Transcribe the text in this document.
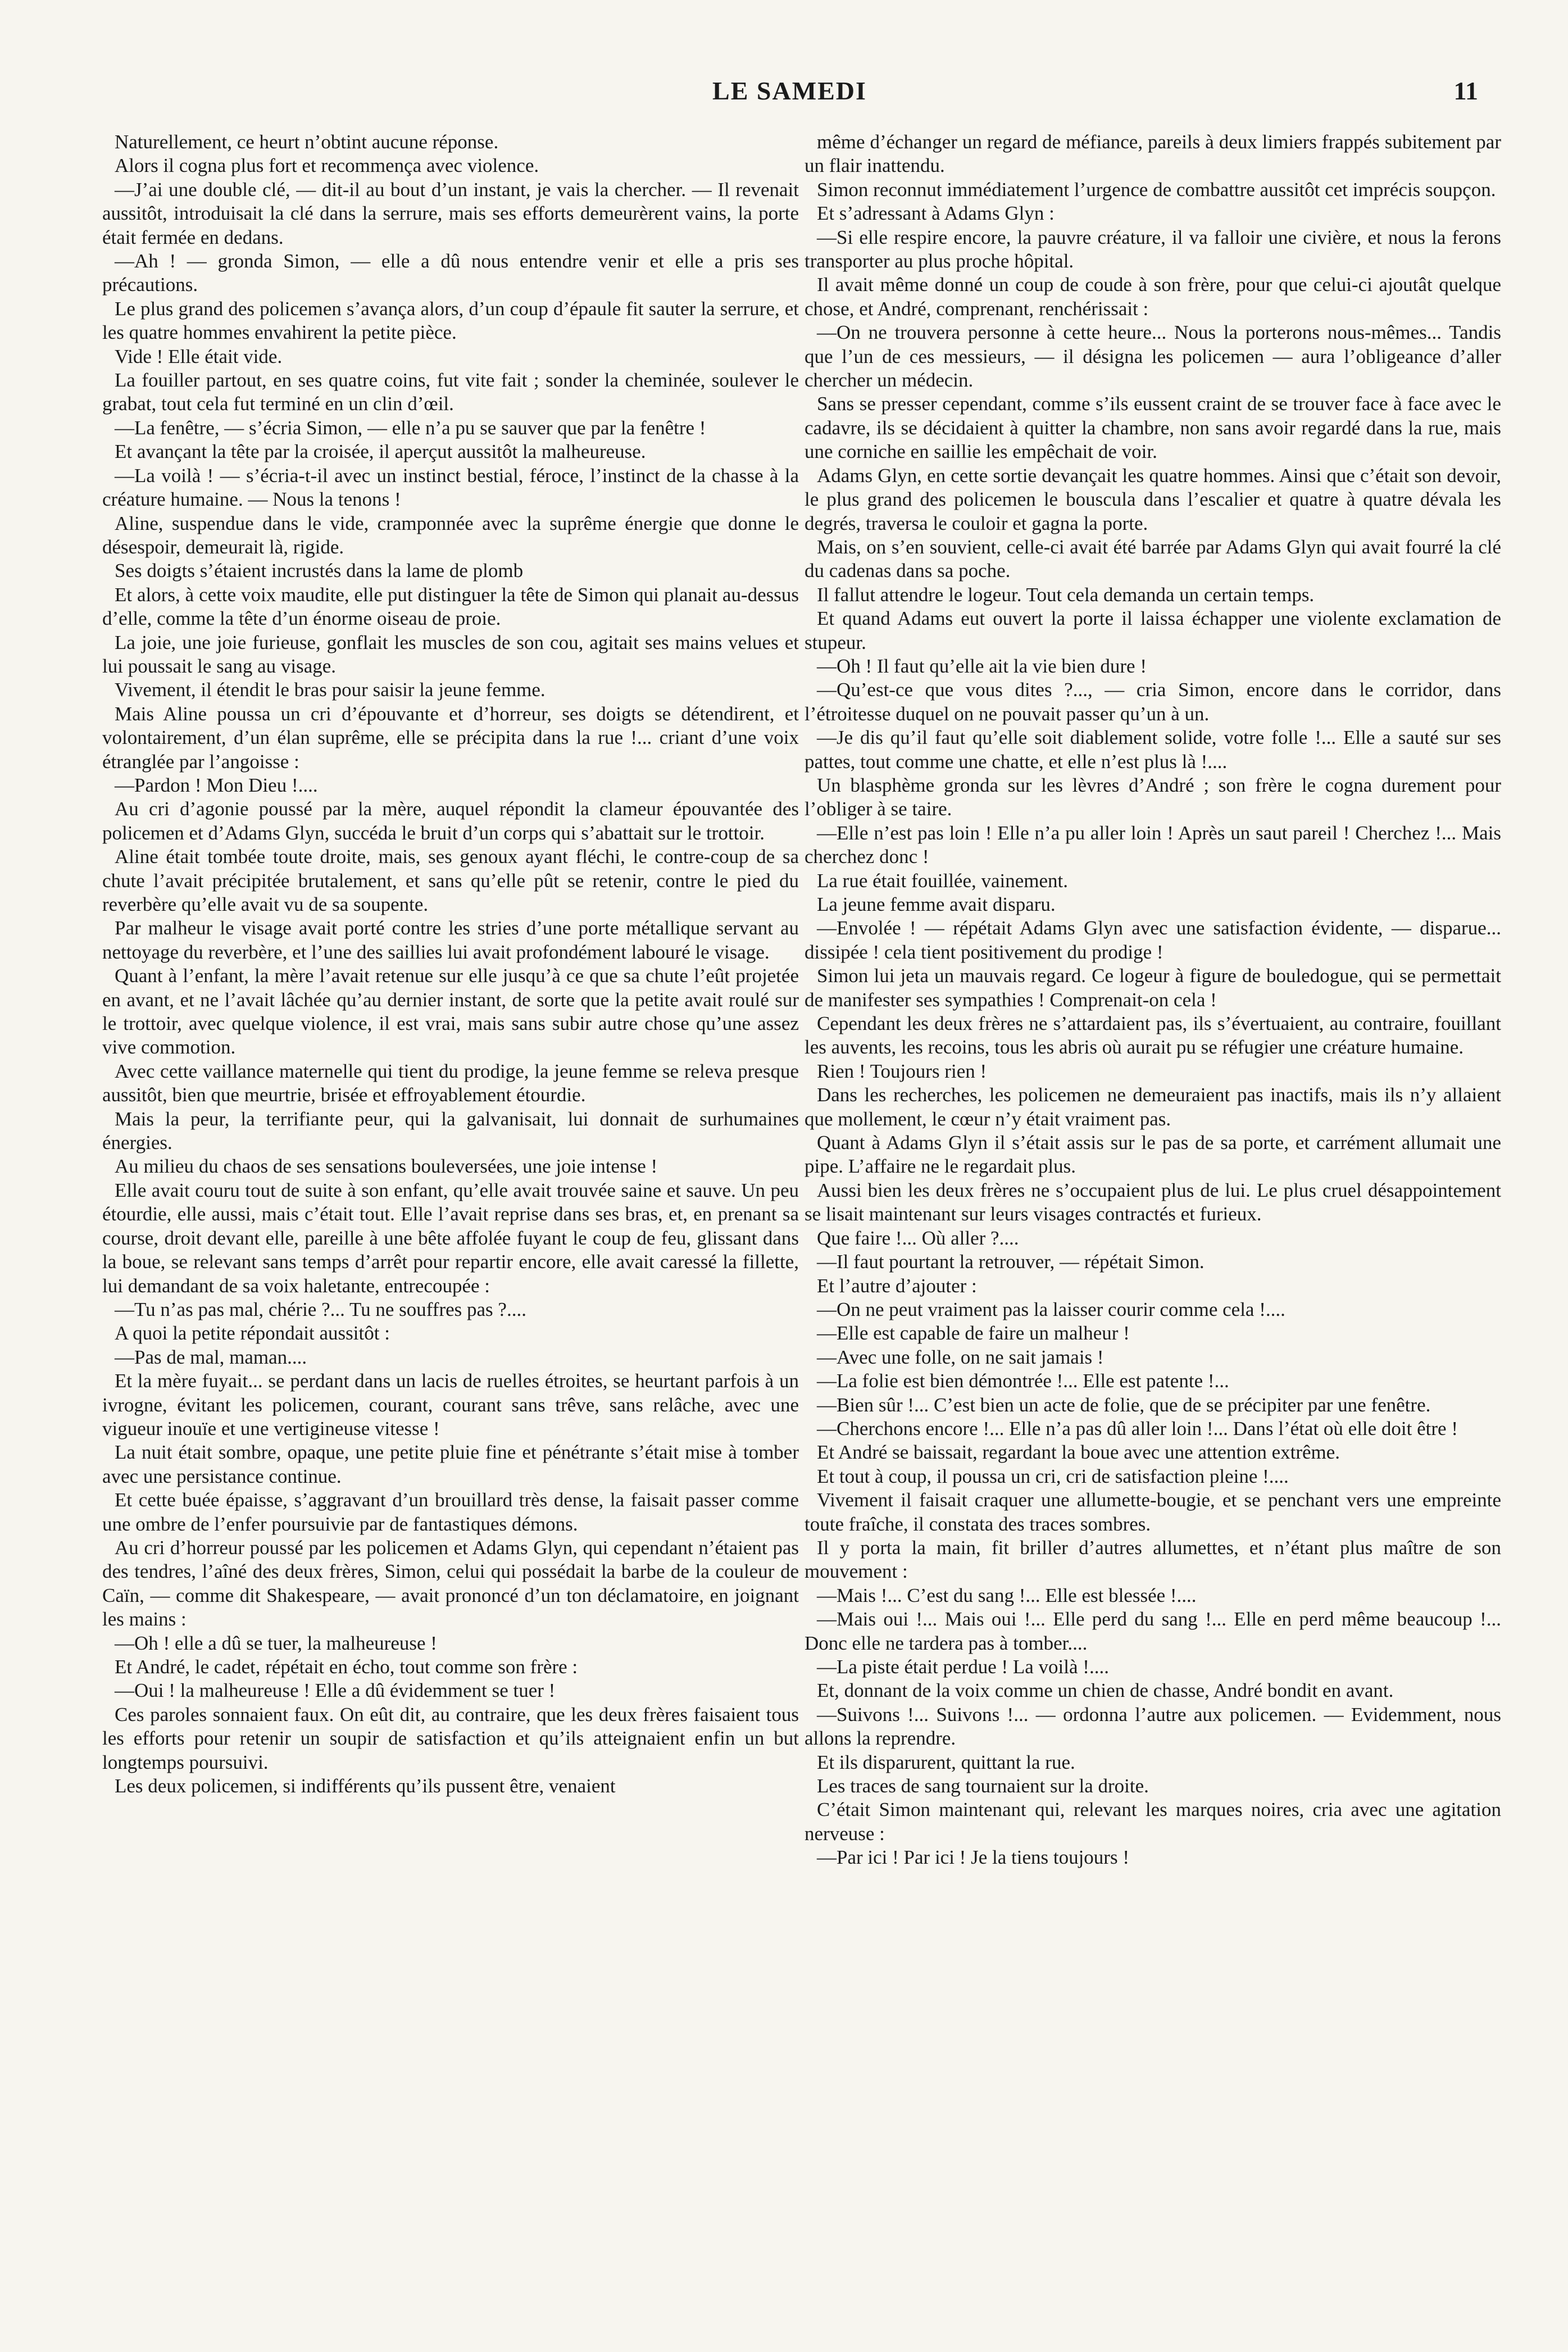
LE SAMEDI	11

Naturellement, ce heurt n’obtint aucune réponse.

Alors il cogna plus fort et recommença avec violence.

—J’ai une double clé, — dit-il au bout d’un instant, je vais la chercher. — Il revenait aussitôt, introduisait la clé dans la serrure, mais ses efforts demeurèrent vains, la porte était fermée en dedans.

—Ah ! — gronda Simon, — elle a dû nous entendre venir et elle a pris ses précautions.

Le plus grand des policemen s’avança alors, d’un coup d’épaule fit sauter la serrure, et les quatre hommes envahirent la petite pièce.

Vide ! Elle était vide.

La fouiller partout, en ses quatre coins, fut vite fait ; sonder la cheminée, soulever le grabat, tout cela fut terminé en un clin d’œil.

—La fenêtre, — s’écria Simon, — elle n’a pu se sauver que par la fenêtre !

Et avançant la tête par la croisée, il aperçut aussitôt la malheureuse.

—La voilà ! — s’écria-t-il avec un instinct bestial, féroce, l’instinct de la chasse à la créature humaine. — Nous la tenons !

Aline, suspendue dans le vide, cramponnée avec la suprême énergie que donne le désespoir, demeurait là, rigide.

Ses doigts s’étaient incrustés dans la lame de plomb

Et alors, à cette voix maudite, elle put distinguer la tête de Simon qui planait au-dessus d’elle, comme la tête d’un énorme oiseau de proie.

La joie, une joie furieuse, gonflait les muscles de son cou, agitait ses mains velues et lui poussait le sang au visage.

Vivement, il étendit le bras pour saisir la jeune femme.

Mais Aline poussa un cri d’épouvante et d’horreur, ses doigts se détendirent, et volontairement, d’un élan suprême, elle se précipita dans la rue !... criant d’une voix étranglée par l’angoisse :

—Pardon ! Mon Dieu !....

Au cri d’agonie poussé par la mère, auquel répondit la clameur épouvantée des policemen et d’Adams Glyn, succéda le bruit d’un corps qui s’abattait sur le trottoir.

Aline était tombée toute droite, mais, ses genoux ayant fléchi, le contre-coup de sa chute l’avait précipitée brutalement, et sans qu’elle pût se retenir, contre le pied du reverbère qu’elle avait vu de sa soupente.

Par malheur le visage avait porté contre les stries d’une porte métallique servant au nettoyage du reverbère, et l’une des saillies lui avait profondément labouré le visage.

Quant à l’enfant, la mère l’avait retenue sur elle jusqu’à ce que sa chute l’eût projetée en avant, et ne l’avait lâchée qu’au dernier instant, de sorte que la petite avait roulé sur le trottoir, avec quelque violence, il est vrai, mais sans subir autre chose qu’une assez vive commotion.

Avec cette vaillance maternelle qui tient du prodige, la jeune femme se releva presque aussitôt, bien que meurtrie, brisée et effroyablement étourdie.

Mais la peur, la terrifiante peur, qui la galvanisait, lui donnait de surhumaines énergies.

Au milieu du chaos de ses sensations bouleversées, une joie intense !

Elle avait couru tout de suite à son enfant, qu’elle avait trouvée saine et sauve. Un peu étourdie, elle aussi, mais c’était tout. Elle l’avait reprise dans ses bras, et, en prenant sa course, droit devant elle, pareille à une bête affolée fuyant le coup de feu, glissant dans la boue, se relevant sans temps d’arrêt pour repartir encore, elle avait caressé la fillette, lui demandant de sa voix haletante, entrecoupée :

—Tu n’as pas mal, chérie ?... Tu ne souffres pas ?....

A quoi la petite répondait aussitôt :

—Pas de mal, maman....

Et la mère fuyait... se perdant dans un lacis de ruelles étroites, se heurtant parfois à un ivrogne, évitant les policemen, courant, courant sans trêve, sans relâche, avec une vigueur inouïe et une vertigineuse vitesse !

La nuit était sombre, opaque, une petite pluie fine et pénétrante s’était mise à tomber avec une persistance continue.

Et cette buée épaisse, s’aggravant d’un brouillard très dense, la faisait passer comme une ombre de l’enfer poursuivie par de fantastiques démons.

Au cri d’horreur poussé par les policemen et Adams Glyn, qui cependant n’étaient pas des tendres, l’aîné des deux frères, Simon, celui qui possédait la barbe de la couleur de Caïn, — comme dit Shakespeare, — avait prononcé d’un ton déclamatoire, en joignant les mains :

—Oh ! elle a dû se tuer, la malheureuse !

Et André, le cadet, répétait en écho, tout comme son frère :

—Oui ! la malheureuse ! Elle a dû évidemment se tuer !

Ces paroles sonnaient faux. On eût dit, au contraire, que les deux frères faisaient tous les efforts pour retenir un soupir de satisfaction et qu’ils atteignaient enfin un but longtemps poursuivi.

Les deux policemen, si indifférents qu’ils pussent être, venaient

même d’échanger un regard de méfiance, pareils à deux limiers frappés subitement par un flair inattendu.

Simon reconnut immédiatement l’urgence de combattre aussitôt cet imprécis soupçon.

Et s’adressant à Adams Glyn :

—Si elle respire encore, la pauvre créature, il va falloir une civière, et nous la ferons transporter au plus proche hôpital.

Il avait même donné un coup de coude à son frère, pour que celui-ci ajoutât quelque chose, et André, comprenant, renchérissait :

—On ne trouvera personne à cette heure... Nous la porterons nous-mêmes... Tandis que l’un de ces messieurs, — il désigna les policemen — aura l’obligeance d’aller chercher un médecin.

Sans se presser cependant, comme s’ils eussent craint de se trouver face à face avec le cadavre, ils se décidaient à quitter la chambre, non sans avoir regardé dans la rue, mais une corniche en saillie les empêchait de voir.

Adams Glyn, en cette sortie devançait les quatre hommes. Ainsi que c’était son devoir, le plus grand des policemen le bouscula dans l’escalier et quatre à quatre dévala les degrés, traversa le couloir et gagna la porte.

Mais, on s’en souvient, celle-ci avait été barrée par Adams Glyn qui avait fourré la clé du cadenas dans sa poche.

Il fallut attendre le logeur. Tout cela demanda un certain temps.

Et quand Adams eut ouvert la porte il laissa échapper une violente exclamation de stupeur.

—Oh ! Il faut qu’elle ait la vie bien dure !

—Qu’est-ce que vous dites ?..., — cria Simon, encore dans le corridor, dans l’étroitesse duquel on ne pouvait passer qu’un à un.

—Je dis qu’il faut qu’elle soit diablement solide, votre folle !... Elle a sauté sur ses pattes, tout comme une chatte, et elle n’est plus là !....

Un blasphème gronda sur les lèvres d’André ; son frère le cogna durement pour l’obliger à se taire.

—Elle n’est pas loin ! Elle n’a pu aller loin ! Après un saut pareil ! Cherchez !... Mais cherchez donc !

La rue était fouillée, vainement.

La jeune femme avait disparu.

—Envolée ! — répétait Adams Glyn avec une satisfaction évidente, — disparue... dissipée ! cela tient positivement du prodige !

Simon lui jeta un mauvais regard. Ce logeur à figure de bouledogue, qui se permettait de manifester ses sympathies ! Comprenait-on cela !

Cependant les deux frères ne s’attardaient pas, ils s’évertuaient, au contraire, fouillant les auvents, les recoins, tous les abris où aurait pu se réfugier une créature humaine.

Rien ! Toujours rien !

Dans les recherches, les policemen ne demeuraient pas inactifs, mais ils n’y allaient que mollement, le cœur n’y était vraiment pas.

Quant à Adams Glyn il s’était assis sur le pas de sa porte, et carrément allumait une pipe. L’affaire ne le regardait plus.

Aussi bien les deux frères ne s’occupaient plus de lui. Le plus cruel désappointement se lisait maintenant sur leurs visages contractés et furieux.

Que faire !... Où aller ?....

—Il faut pourtant la retrouver, — répétait Simon.

Et l’autre d’ajouter :

—On ne peut vraiment pas la laisser courir comme cela !....

—Elle est capable de faire un malheur !

—Avec une folle, on ne sait jamais !

—La folie est bien démontrée !... Elle est patente !...

—Bien sûr !... C’est bien un acte de folie, que de se précipiter par une fenêtre.

—Cherchons encore !... Elle n’a pas dû aller loin !... Dans l’état où elle doit être !

Et André se baissait, regardant la boue avec une attention extrême.

Et tout à coup, il poussa un cri, cri de satisfaction pleine !....

Vivement il faisait craquer une allumette-bougie, et se penchant vers une empreinte toute fraîche, il constata des traces sombres.

Il y porta la main, fit briller d’autres allumettes, et n’étant plus maître de son mouvement :

—Mais !... C’est du sang !... Elle est blessée !....

—Mais oui !... Mais oui !... Elle perd du sang !... Elle en perd même beaucoup !... Donc elle ne tardera pas à tomber....

—La piste était perdue ! La voilà !....

Et, donnant de la voix comme un chien de chasse, André bondit en avant.

—Suivons !... Suivons !... — ordonna l’autre aux policemen. — Evidemment, nous allons la reprendre.

Et ils disparurent, quittant la rue.

Les traces de sang tournaient sur la droite.

C’était Simon maintenant qui, relevant les marques noires, cria avec une agitation nerveuse :

—Par ici ! Par ici ! Je la tiens toujours !
